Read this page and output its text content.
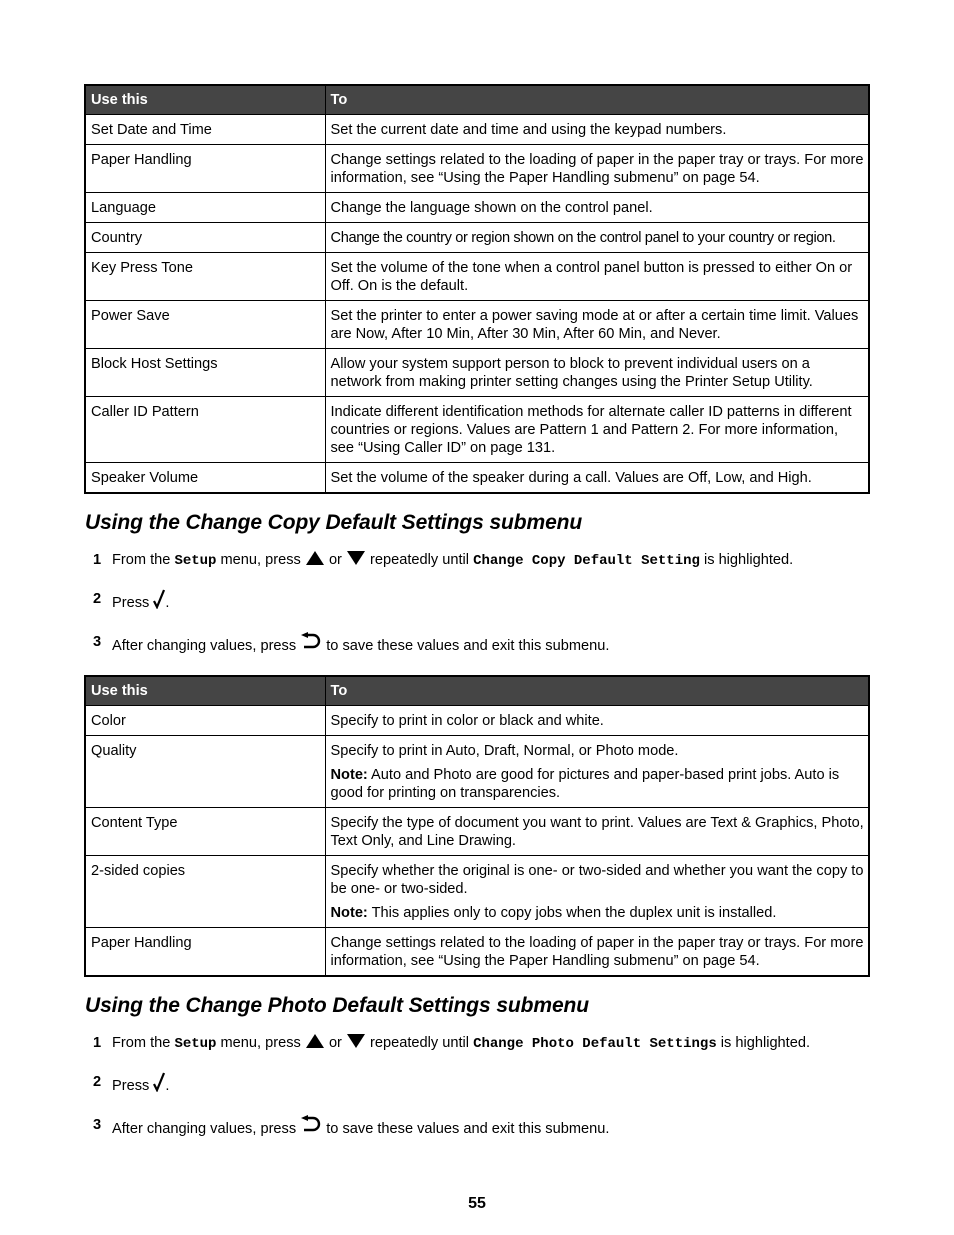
Use this	To
Set Date and Time	Set the current date and time and using the keypad numbers.
Paper Handling	Change settings related to the loading of paper in the paper tray or trays. For more information, see “Using the Paper Handling submenu” on page 54.
Language	Change the language shown on the control panel.
Country	Change the country or region shown on the control panel to your country or region.
Key Press Tone	Set the volume of the tone when a control panel button is pressed to either On or Off. On is the default.
Power Save	Set the printer to enter a power saving mode at or after a certain time limit. Values are Now, After 10 Min, After 30 Min, After 60 Min, and Never.
Block Host Settings	Allow your system support person to block to prevent individual users on a network from making printer setting changes using the Printer Setup Utility.
Caller ID Pattern	Indicate different identification methods for alternate caller ID patterns in different countries or regions. Values are Pattern 1 and Pattern 2. For more information, see “Using Caller ID” on page 131.
Speaker Volume	Set the volume of the speaker during a call. Values are Off, Low, and High.
Using the Change Copy Default Settings submenu
1 From the Setup menu, press  or  repeatedly until Change Copy Default Setting is highlighted.
2 Press .
3 After changing values, press  to save these values and exit this submenu.
Use this	To
Color	Specify to print in color or black and white.
Quality	Specify to print in Auto, Draft, Normal, or Photo mode.

Note: Auto and Photo are good for pictures and paper-based print jobs. Auto is good for printing on transparencies.

Content Type	Specify the type of document you want to print. Values are Text & Graphics, Photo, Text Only, and Line Drawing.
2-sided copies	Specify whether the original is one- or two-sided and whether you want the copy to be one- or two-sided.

Note: This applies only to copy jobs when the duplex unit is installed.

Paper Handling	Change settings related to the loading of paper in the paper tray or trays. For more information, see “Using the Paper Handling submenu” on page 54.
Using the Change Photo Default Settings submenu
1 From the Setup menu, press  or  repeatedly until Change Photo Default Settings is highlighted.
2 Press .
3 After changing values, press  to save these values and exit this submenu.
55
